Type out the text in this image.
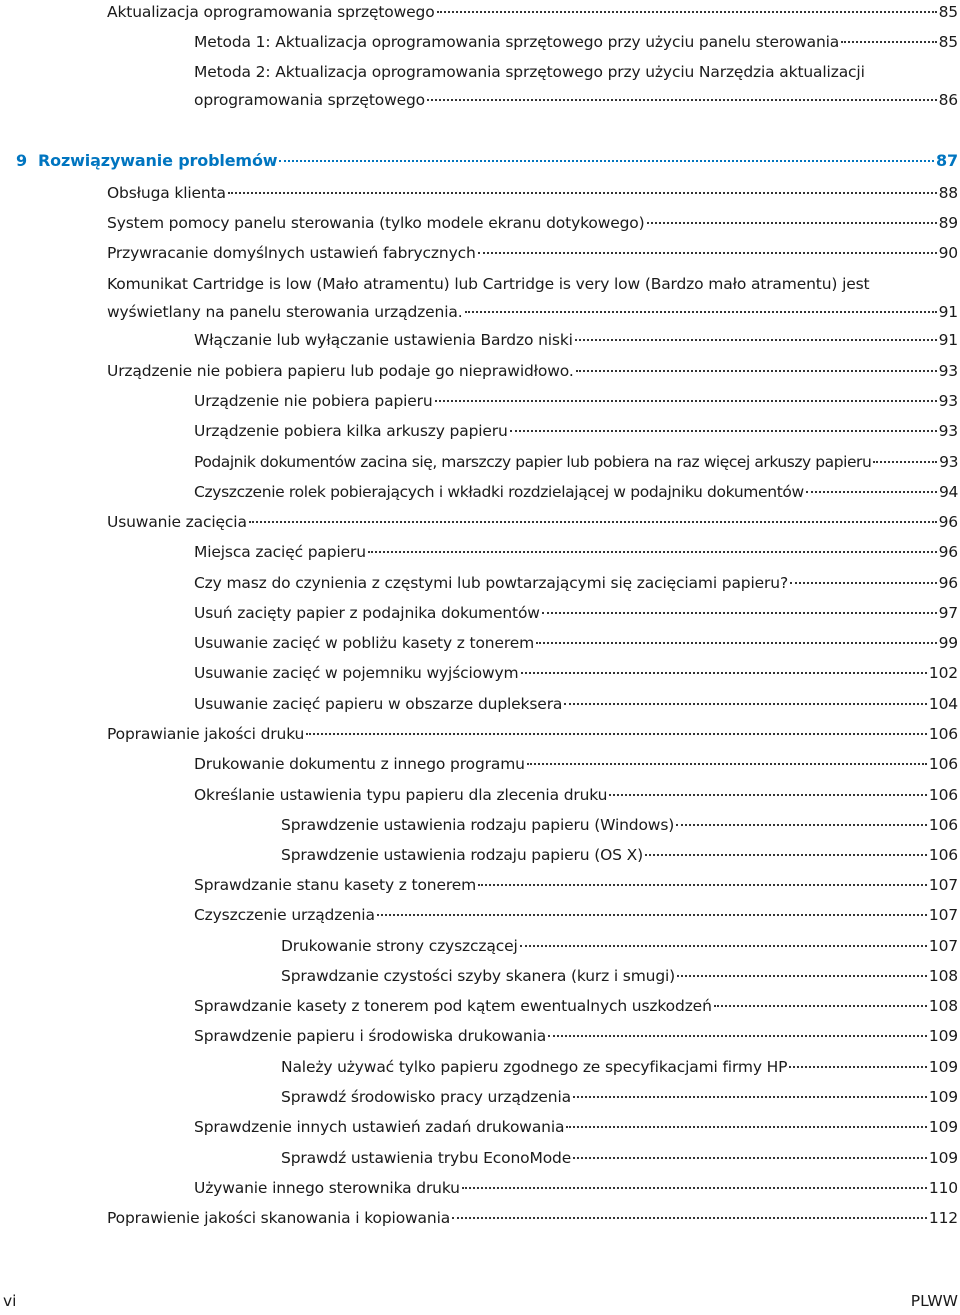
Aktualizacja oprogramowania sprzętowego	85
Metoda 1: Aktualizacja oprogramowania sprzętowego przy użyciu panelu sterowania	85
Metoda 2: Aktualizacja oprogramowania sprzętowego przy użyciu Narzędzia aktualizacji
oprogramowania sprzętowego	86
9 Rozwiązywanie problemów	87
Obsługa klienta	88
System pomocy panelu sterowania (tylko modele ekranu dotykowego)	89
Przywracanie domyślnych ustawień fabrycznych	90
Komunikat Cartridge is low (Mało atramentu) lub Cartridge is very low (Bardzo mało atramentu) jest
wyświetlany na panelu sterowania urządzenia.	91
Włączanie lub wyłączanie ustawienia Bardzo niski	91
Urządzenie nie pobiera papieru lub podaje go nieprawidłowo.	93
Urządzenie nie pobiera papieru	93
Urządzenie pobiera kilka arkuszy papieru	93
Podajnik dokumentów zacina się, marszczy papier lub pobiera na raz więcej arkuszy papieru	93
Czyszczenie rolek pobierających i wkładki rozdzielającej w podajniku dokumentów	94
Usuwanie zacięcia	96
Miejsca zacięć papieru	96
Czy masz do czynienia z częstymi lub powtarzającymi się zacięciami papieru?	96
Usuń zacięty papier z podajnika dokumentów	97
Usuwanie zacięć w pobliżu kasety z tonerem	99
Usuwanie zacięć w pojemniku wyjściowym	102
Usuwanie zacięć papieru w obszarze dupleksera	104
Poprawianie jakości druku	106
Drukowanie dokumentu z innego programu	106
Określanie ustawienia typu papieru dla zlecenia druku	106
Sprawdzenie ustawienia rodzaju papieru (Windows)	106
Sprawdzenie ustawienia rodzaju papieru (OS X)	106
Sprawdzanie stanu kasety z tonerem	107
Czyszczenie urządzenia	107
Drukowanie strony czyszczącej	107
Sprawdzanie czystości szyby skanera (kurz i smugi)	108
Sprawdzanie kasety z tonerem pod kątem ewentualnych uszkodzeń	108
Sprawdzenie papieru i środowiska drukowania	109
Należy używać tylko papieru zgodnego ze specyfikacjami firmy HP	109
Sprawdź środowisko pracy urządzenia	109
Sprawdzenie innych ustawień zadań drukowania	109
Sprawdź ustawienia trybu EconoMode	109
Używanie innego sterownika druku	110
Poprawienie jakości skanowania i kopiowania	112
vi	PLWW
